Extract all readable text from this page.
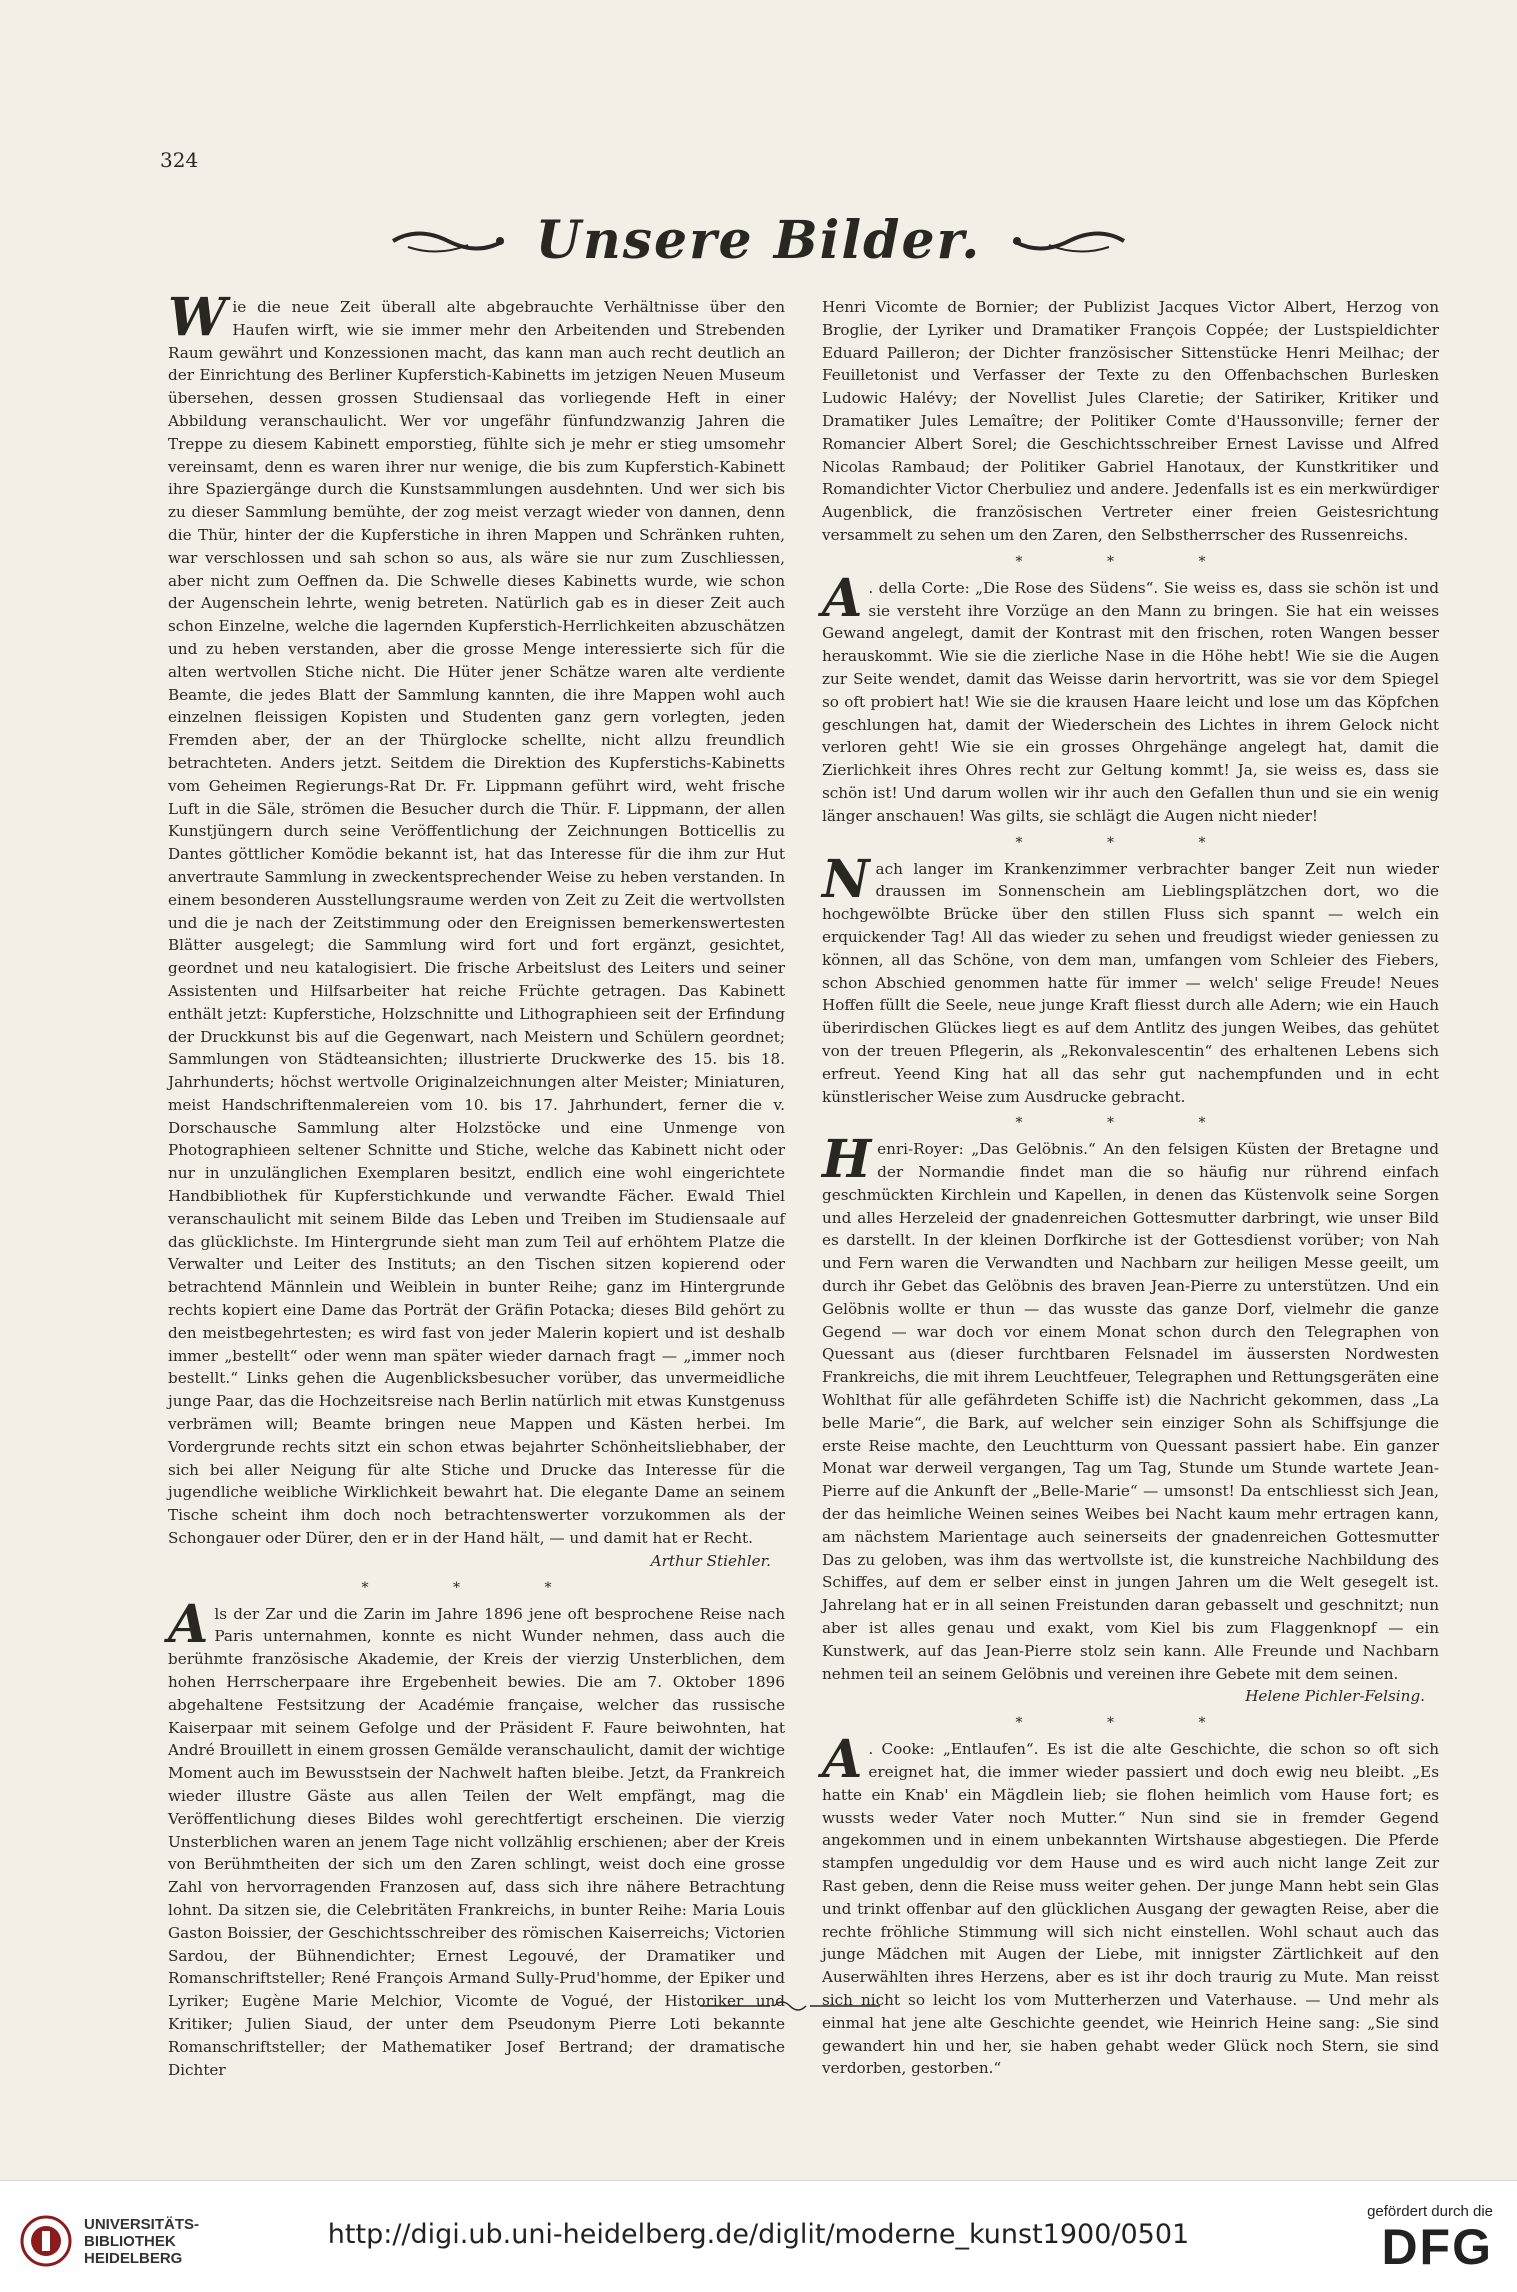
324
Unsere Bilder.

Wie die neue Zeit überall alte abgebrauchte Verhältnisse über den Haufen wirft, wie sie immer mehr den Arbeitenden und Strebenden Raum gewährt und Konzessionen macht, das kann man auch recht deutlich an der Einrichtung des Berliner Kupferstich-Kabinetts im jetzigen Neuen Museum übersehen, dessen grossen Studiensaal das vorliegende Heft in einer Abbildung veranschaulicht. Wer vor ungefähr fünfundzwanzig Jahren die Treppe zu diesem Kabinett emporstieg, fühlte sich je mehr er stieg umsomehr vereinsamt, denn es waren ihrer nur wenige, die bis zum Kupferstich-Kabinett ihre Spaziergänge durch die Kunstsammlungen ausdehnten. Und wer sich bis zu dieser Sammlung bemühte, der zog meist verzagt wieder von dannen, denn die Thür, hinter der die Kupferstiche in ihren Mappen und Schränken ruhten, war verschlossen und sah schon so aus, als wäre sie nur zum Zuschliessen, aber nicht zum Oeffnen da. Die Schwelle dieses Kabinetts wurde, wie schon der Augenschein lehrte, wenig betreten. Natürlich gab es in dieser Zeit auch schon Einzelne, welche die lagernden Kupferstich-Herrlichkeiten abzuschätzen und zu heben verstanden, aber die grosse Menge interessierte sich für die alten wertvollen Stiche nicht. Die Hüter jener Schätze waren alte verdiente Beamte, die jedes Blatt der Sammlung kannten, die ihre Mappen wohl auch einzelnen fleissigen Kopisten und Studenten ganz gern vorlegten, jeden Fremden aber, der an der Thürglocke schellte, nicht allzu freundlich betrachteten. Anders jetzt. Seitdem die Direktion des Kupferstichs-Kabinetts vom Geheimen Regierungs-Rat Dr. Fr. Lippmann geführt wird, weht frische Luft in die Säle, strömen die Besucher durch die Thür. F. Lippmann, der allen Kunstjüngern durch seine Veröffentlichung der Zeichnungen Botticellis zu Dantes göttlicher Komödie bekannt ist, hat das Interesse für die ihm zur Hut anvertraute Sammlung in zweckentsprechender Weise zu heben verstanden. In einem besonderen Ausstellungsraume werden von Zeit zu Zeit die wertvollsten und die je nach der Zeitstimmung oder den Ereignissen bemerkenswertesten Blätter ausgelegt; die Sammlung wird fort und fort ergänzt, gesichtet, geordnet und neu katalogisiert. Die frische Arbeitslust des Leiters und seiner Assistenten und Hilfsarbeiter hat reiche Früchte getragen. Das Kabinett enthält jetzt: Kupferstiche, Holzschnitte und Lithographieen seit der Erfindung der Druckkunst bis auf die Gegenwart, nach Meistern und Schülern geordnet; Sammlungen von Städteansichten; illustrierte Druckwerke des 15. bis 18. Jahrhunderts; höchst wertvolle Originalzeichnungen alter Meister; Miniaturen, meist Handschriftenmalereien vom 10. bis 17. Jahrhundert, ferner die v. Dorschausche Sammlung alter Holzstöcke und eine Unmenge von Photographieen seltener Schnitte und Stiche, welche das Kabinett nicht oder nur in unzulänglichen Exemplaren besitzt, endlich eine wohl eingerichtete Handbibliothek für Kupferstichkunde und verwandte Fächer. Ewald Thiel veranschaulicht mit seinem Bilde das Leben und Treiben im Studiensaale auf das glücklichste. Im Hintergrunde sieht man zum Teil auf erhöhtem Platze die Verwalter und Leiter des Instituts; an den Tischen sitzen kopierend oder betrachtend Männlein und Weiblein in bunter Reihe; ganz im Hintergrunde rechts kopiert eine Dame das Porträt der Gräfin Potacka; dieses Bild gehört zu den meistbegehrtesten; es wird fast von jeder Malerin kopiert und ist deshalb immer „bestellt“ oder wenn man später wieder darnach fragt — „immer noch bestellt.“ Links gehen die Augenblicksbesucher vorüber, das unvermeidliche junge Paar, das die Hochzeitsreise nach Berlin natürlich mit etwas Kunstgenuss verbrämen will; Beamte bringen neue Mappen und Kästen herbei. Im Vordergrunde rechts sitzt ein schon etwas bejahrter Schönheitsliebhaber, der sich bei aller Neigung für alte Stiche und Drucke das Interesse für die jugendliche weibliche Wirklichkeit bewahrt hat. Die elegante Dame an seinem Tische scheint ihm doch noch betrachtenswerter vorzukommen als der Schongauer oder Dürer, den er in der Hand hält, — und damit hat er Recht.
Arthur Stiehler.

* * *

Als der Zar und die Zarin im Jahre 1896 jene oft besprochene Reise nach Paris unternahmen, konnte es nicht Wunder nehmen, dass auch die berühmte französische Akademie, der Kreis der vierzig Unsterblichen, dem hohen Herrscherpaare ihre Ergebenheit bewies. Die am 7. Oktober 1896 abgehaltene Festsitzung der Académie française, welcher das russische Kaiserpaar mit seinem Gefolge und der Präsident F. Faure beiwohnten, hat André Brouillett in einem grossen Gemälde veranschaulicht, damit der wichtige Moment auch im Bewusstsein der Nachwelt haften bleibe. Jetzt, da Frankreich wieder illustre Gäste aus allen Teilen der Welt empfängt, mag die Veröffentlichung dieses Bildes wohl gerechtfertigt erscheinen. Die vierzig Unsterblichen waren an jenem Tage nicht vollzählig erschienen; aber der Kreis von Berühmtheiten der sich um den Zaren schlingt, weist doch eine grosse Zahl von hervorragenden Franzosen auf, dass sich ihre nähere Betrachtung lohnt. Da sitzen sie, die Celebritäten Frankreichs, in bunter Reihe: Maria Louis Gaston Boissier, der Geschichtsschreiber des römischen Kaiserreichs; Victorien Sardou, der Bühnendichter; Ernest Legouvé, der Dramatiker und Romanschriftsteller; René François Armand Sully-Prud'homme, der Epiker und Lyriker; Eugène Marie Melchior, Vicomte de Vogué, der Historiker und Kritiker; Julien Siaud, der unter dem Pseudonym Pierre Loti bekannte Romanschriftsteller; der Mathematiker Josef Bertrand; der dramatische Dichter

Henri Vicomte de Bornier; der Publizist Jacques Victor Albert, Herzog von Broglie, der Lyriker und Dramatiker François Coppée; der Lustspieldichter Eduard Pailleron; der Dichter französischer Sittenstücke Henri Meilhac; der Feuilletonist und Verfasser der Texte zu den Offenbachschen Burlesken Ludowic Halévy; der Novellist Jules Claretie; der Satiriker, Kritiker und Dramatiker Jules Lemaître; der Politiker Comte d'Haussonville; ferner der Romancier Albert Sorel; die Geschichtsschreiber Ernest Lavisse und Alfred Nicolas Rambaud; der Politiker Gabriel Hanotaux, der Kunstkritiker und Romandichter Victor Cherbuliez und andere. Jedenfalls ist es ein merkwürdiger Augenblick, die französischen Vertreter einer freien Geistesrichtung versammelt zu sehen um den Zaren, den Selbstherrscher des Russenreichs.

* * *

A . della Corte: „Die Rose des Südens“. Sie weiss es, dass sie schön ist und sie versteht ihre Vorzüge an den Mann zu bringen. Sie hat ein weisses Gewand angelegt, damit der Kontrast mit den frischen, roten Wangen besser herauskommt. Wie sie die zierliche Nase in die Höhe hebt! Wie sie die Augen zur Seite wendet, damit das Weisse darin hervortritt, was sie vor dem Spiegel so oft probiert hat! Wie sie die krausen Haare leicht und lose um das Köpfchen geschlungen hat, damit der Wiederschein des Lichtes in ihrem Gelock nicht verloren geht! Wie sie ein grosses Ohrgehänge angelegt hat, damit die Zierlichkeit ihres Ohres recht zur Geltung kommt! Ja, sie weiss es, dass sie schön ist! Und darum wollen wir ihr auch den Gefallen thun und sie ein wenig länger anschauen! Was gilts, sie schlägt die Augen nicht nieder!

* * *

Nach langer im Krankenzimmer verbrachter banger Zeit nun wieder draussen im Sonnenschein am Lieblingsplätzchen dort, wo die hochgewölbte Brücke über den stillen Fluss sich spannt — welch ein erquickender Tag! All das wieder zu sehen und freudigst wieder geniessen zu können, all das Schöne, von dem man, umfangen vom Schleier des Fiebers, schon Abschied genommen hatte für immer — welch' selige Freude! Neues Hoffen füllt die Seele, neue junge Kraft fliesst durch alle Adern; wie ein Hauch überirdischen Glückes liegt es auf dem Antlitz des jungen Weibes, das gehütet von der treuen Pflegerin, als „Rekonvalescentin“ des erhaltenen Lebens sich erfreut. Yeend King hat all das sehr gut nachempfunden und in echt künstlerischer Weise zum Ausdrucke gebracht.

* * *

Henri-Royer: „Das Gelöbnis.“ An den felsigen Küsten der Bretagne und der Normandie findet man die so häufig nur rührend einfach geschmückten Kirchlein und Kapellen, in denen das Küstenvolk seine Sorgen und alles Herzeleid der gnadenreichen Gottesmutter darbringt, wie unser Bild es darstellt. In der kleinen Dorfkirche ist der Gottesdienst vorüber; von Nah und Fern waren die Verwandten und Nachbarn zur heiligen Messe geeilt, um durch ihr Gebet das Gelöbnis des braven Jean-Pierre zu unterstützen. Und ein Gelöbnis wollte er thun — das wusste das ganze Dorf, vielmehr die ganze Gegend — war doch vor einem Monat schon durch den Telegraphen von Quessant aus (dieser furchtbaren Felsnadel im äussersten Nordwesten Frankreichs, die mit ihrem Leuchtfeuer, Telegraphen und Rettungsgeräten eine Wohlthat für alle gefährdeten Schiffe ist) die Nachricht gekommen, dass „La belle Marie“, die Bark, auf welcher sein einziger Sohn als Schiffsjunge die erste Reise machte, den Leuchtturm von Quessant passiert habe. Ein ganzer Monat war derweil vergangen, Tag um Tag, Stunde um Stunde wartete Jean-Pierre auf die Ankunft der „Belle-Marie“ — umsonst! Da entschliesst sich Jean, der das heimliche Weinen seines Weibes bei Nacht kaum mehr ertragen kann, am nächstem Marientage auch seinerseits der gnadenreichen Gottesmutter Das zu geloben, was ihm das wertvollste ist, die kunstreiche Nachbildung des Schiffes, auf dem er selber einst in jungen Jahren um die Welt gesegelt ist. Jahrelang hat er in all seinen Freistunden daran gebasselt und geschnitzt; nun aber ist alles genau und exakt, vom Kiel bis zum Flaggenknopf — ein Kunstwerk, auf das Jean-Pierre stolz sein kann. Alle Freunde und Nachbarn nehmen teil an seinem Gelöbnis und vereinen ihre Gebete mit dem seinen.
Helene Pichler-Felsing.

* * *

A . Cooke: „Entlaufen“. Es ist die alte Geschichte, die schon so oft sich ereignet hat, die immer wieder passiert und doch ewig neu bleibt. „Es hatte ein Knab' ein Mägdlein lieb; sie flohen heimlich vom Hause fort; es wussts weder Vater noch Mutter.“ Nun sind sie in fremder Gegend angekommen und in einem unbekannten Wirtshause abgestiegen. Die Pferde stampfen ungeduldig vor dem Hause und es wird auch nicht lange Zeit zur Rast geben, denn die Reise muss weiter gehen. Der junge Mann hebt sein Glas und trinkt offenbar auf den glücklichen Ausgang der gewagten Reise, aber die rechte fröhliche Stimmung will sich nicht einstellen. Wohl schaut auch das junge Mädchen mit Augen der Liebe, mit innigster Zärtlichkeit auf den Auserwählten ihres Herzens, aber es ist ihr doch traurig zu Mute. Man reisst sich nicht so leicht los vom Mutterherzen und Vaterhause. — Und mehr als einmal hat jene alte Geschichte geendet, wie Heinrich Heine sang: „Sie sind gewandert hin und her, sie haben gehabt weder Glück noch Stern, sie sind verdorben, gestorben.“

UNIVERSITÄTS-
BIBLIOTHEK
HEIDELBERG
http://digi.ub.uni-heidelberg.de/diglit/moderne_kunst1900/0501
gefördert durch die
DFG
